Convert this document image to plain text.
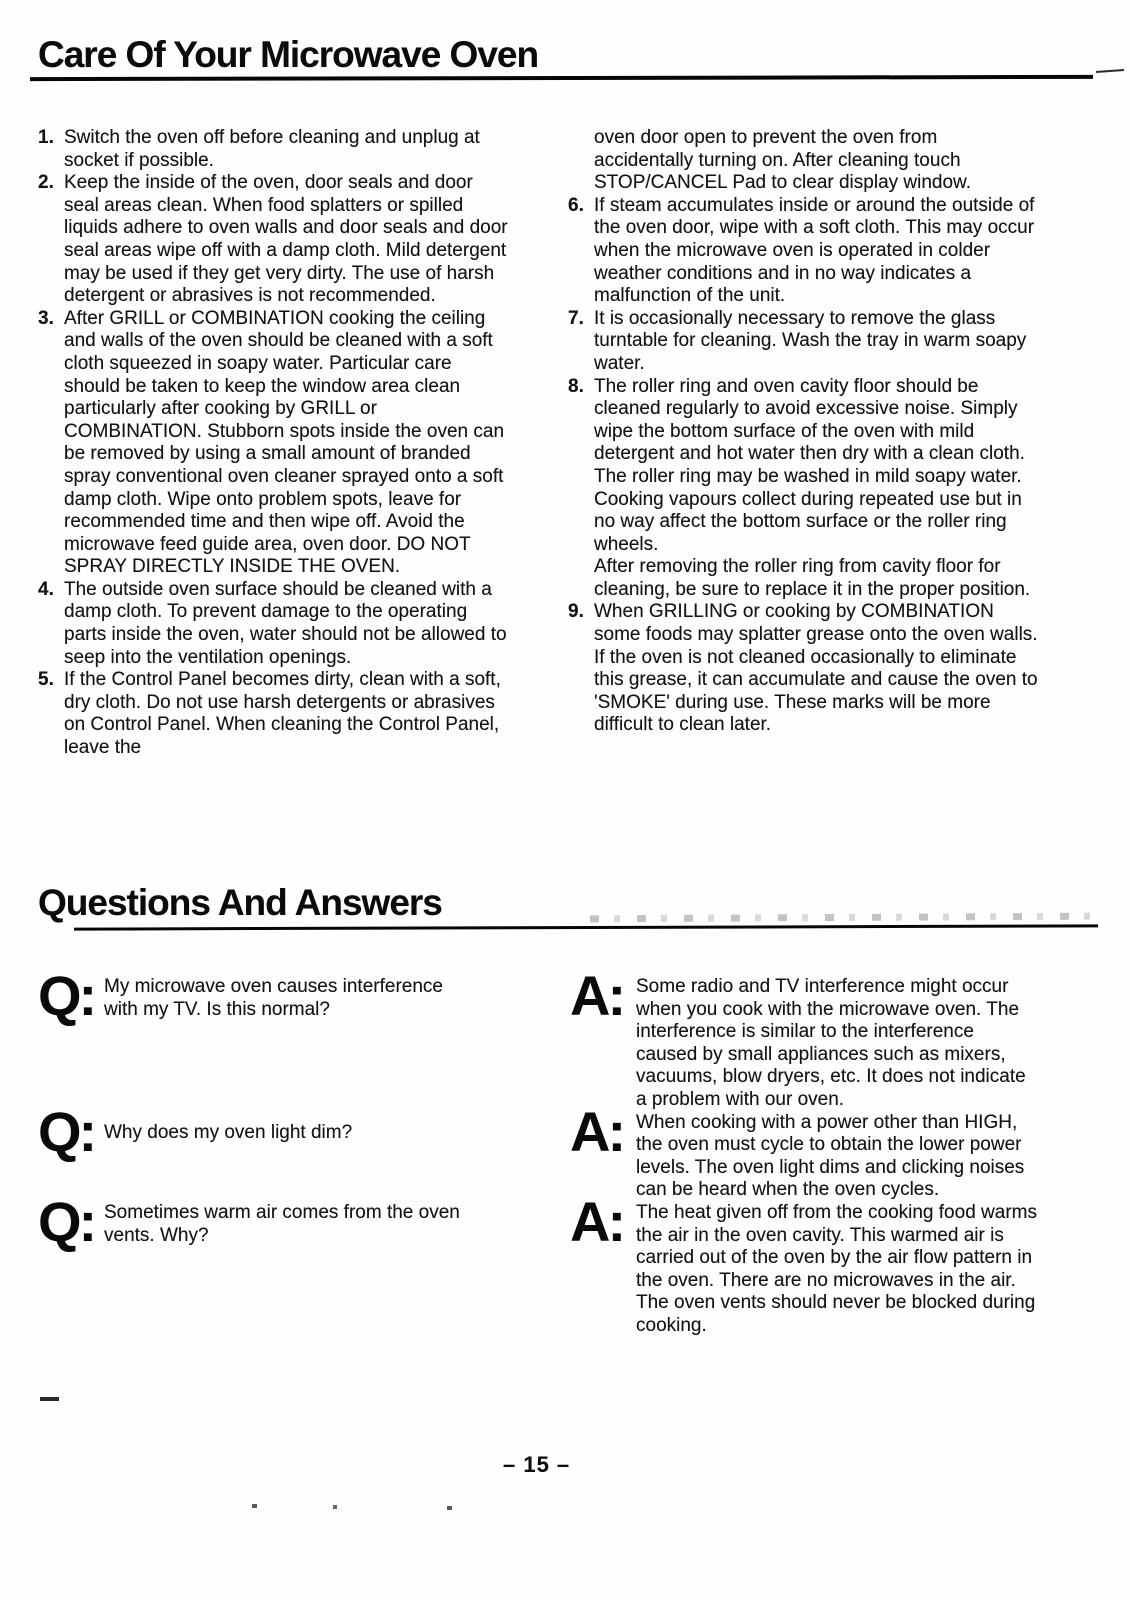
Care Of Your Microwave Oven
1. Switch the oven off before cleaning and unplug at socket if possible.
2. Keep the inside of the oven, door seals and door seal areas clean. When food splatters or spilled liquids adhere to oven walls and door seals and door seal areas wipe off with a damp cloth. Mild detergent may be used if they get very dirty. The use of harsh detergent or abrasives is not recommended.
3. After GRILL or COMBINATION cooking the ceiling and walls of the oven should be cleaned with a soft cloth squeezed in soapy water. Particular care should be taken to keep the window area clean particularly after cooking by GRILL or COMBINATION. Stubborn spots inside the oven can be removed by using a small amount of branded spray conventional oven cleaner sprayed onto a soft damp cloth. Wipe onto problem spots, leave for recommended time and then wipe off. Avoid the microwave feed guide area, oven door. DO NOT SPRAY DIRECTLY INSIDE THE OVEN.
4. The outside oven surface should be cleaned with a damp cloth. To prevent damage to the operating parts inside the oven, water should not be allowed to seep into the ventilation openings.
5. If the Control Panel becomes dirty, clean with a soft, dry cloth. Do not use harsh detergents or abrasives on Control Panel. When cleaning the Control Panel, leave the
oven door open to prevent the oven from accidentally turning on. After cleaning touch STOP/CANCEL Pad to clear display window.
6. If steam accumulates inside or around the outside of the oven door, wipe with a soft cloth. This may occur when the microwave oven is operated in colder weather conditions and in no way indicates a malfunction of the unit.
7. It is occasionally necessary to remove the glass turntable for cleaning. Wash the tray in warm soapy water.
8. The roller ring and oven cavity floor should be cleaned regularly to avoid excessive noise. Simply wipe the bottom surface of the oven with mild detergent and hot water then dry with a clean cloth. The roller ring may be washed in mild soapy water. Cooking vapours collect during repeated use but in no way affect the bottom surface or the roller ring wheels.
After removing the roller ring from cavity floor for cleaning, be sure to replace it in the proper position.
9. When GRILLING or cooking by COMBINATION some foods may splatter grease onto the oven walls. If the oven is not cleaned occasionally to eliminate this grease, it can accumulate and cause the oven to 'SMOKE' during use. These marks will be more difficult to clean later.
Questions And Answers
Q: My microwave oven causes interference with my TV. Is this normal?	A: Some radio and TV interference might occur when you cook with the microwave oven. The interference is similar to the interference caused by small appliances such as mixers, vacuums, blow dryers, etc. It does not indicate a problem with our oven.
Q: Why does my oven light dim?	A: When cooking with a power other than HIGH, the oven must cycle to obtain the lower power levels. The oven light dims and clicking noises can be heard when the oven cycles.
Q: Sometimes warm air comes from the oven vents. Why?	A: The heat given off from the cooking food warms the air in the oven cavity. This warmed air is carried out of the oven by the air flow pattern in the oven. There are no microwaves in the air. The oven vents should never be blocked during cooking.
– 15 –
